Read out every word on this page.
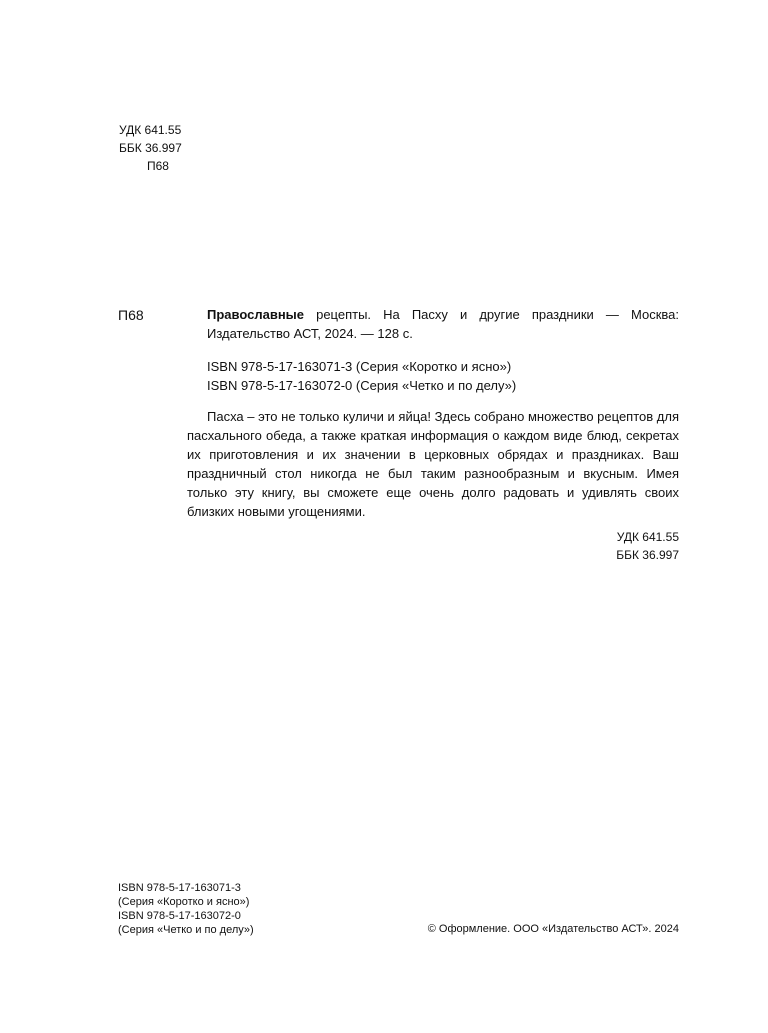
УДК 641.55
ББК 36.997
П68
П68	Православные рецепты. На Пасху и другие праздники — Москва: Издательство АСТ, 2024. — 128 с.
ISBN 978-5-17-163071-3 (Серия «Коротко и ясно»)
ISBN 978-5-17-163072-0 (Серия «Четко и по делу»)

Пасха – это не только куличи и яйца! Здесь собрано множество рецептов для пасхального обеда, а также краткая информация о каждом виде блюд, секретах их приготовления и их значении в церковных обрядах и праздниках. Ваш праздничный стол никогда не был таким разнообразным и вкусным. Имея только эту книгу, вы сможете еще очень долго радовать и удивлять своих близких новыми угощениями.

УДК 641.55
ББК 36.997
ISBN 978-5-17-163071-3
(Серия «Коротко и ясно»)
ISBN 978-5-17-163072-0
(Серия «Четко и по делу»)	© Оформление. ООО «Издательство АСТ». 2024
